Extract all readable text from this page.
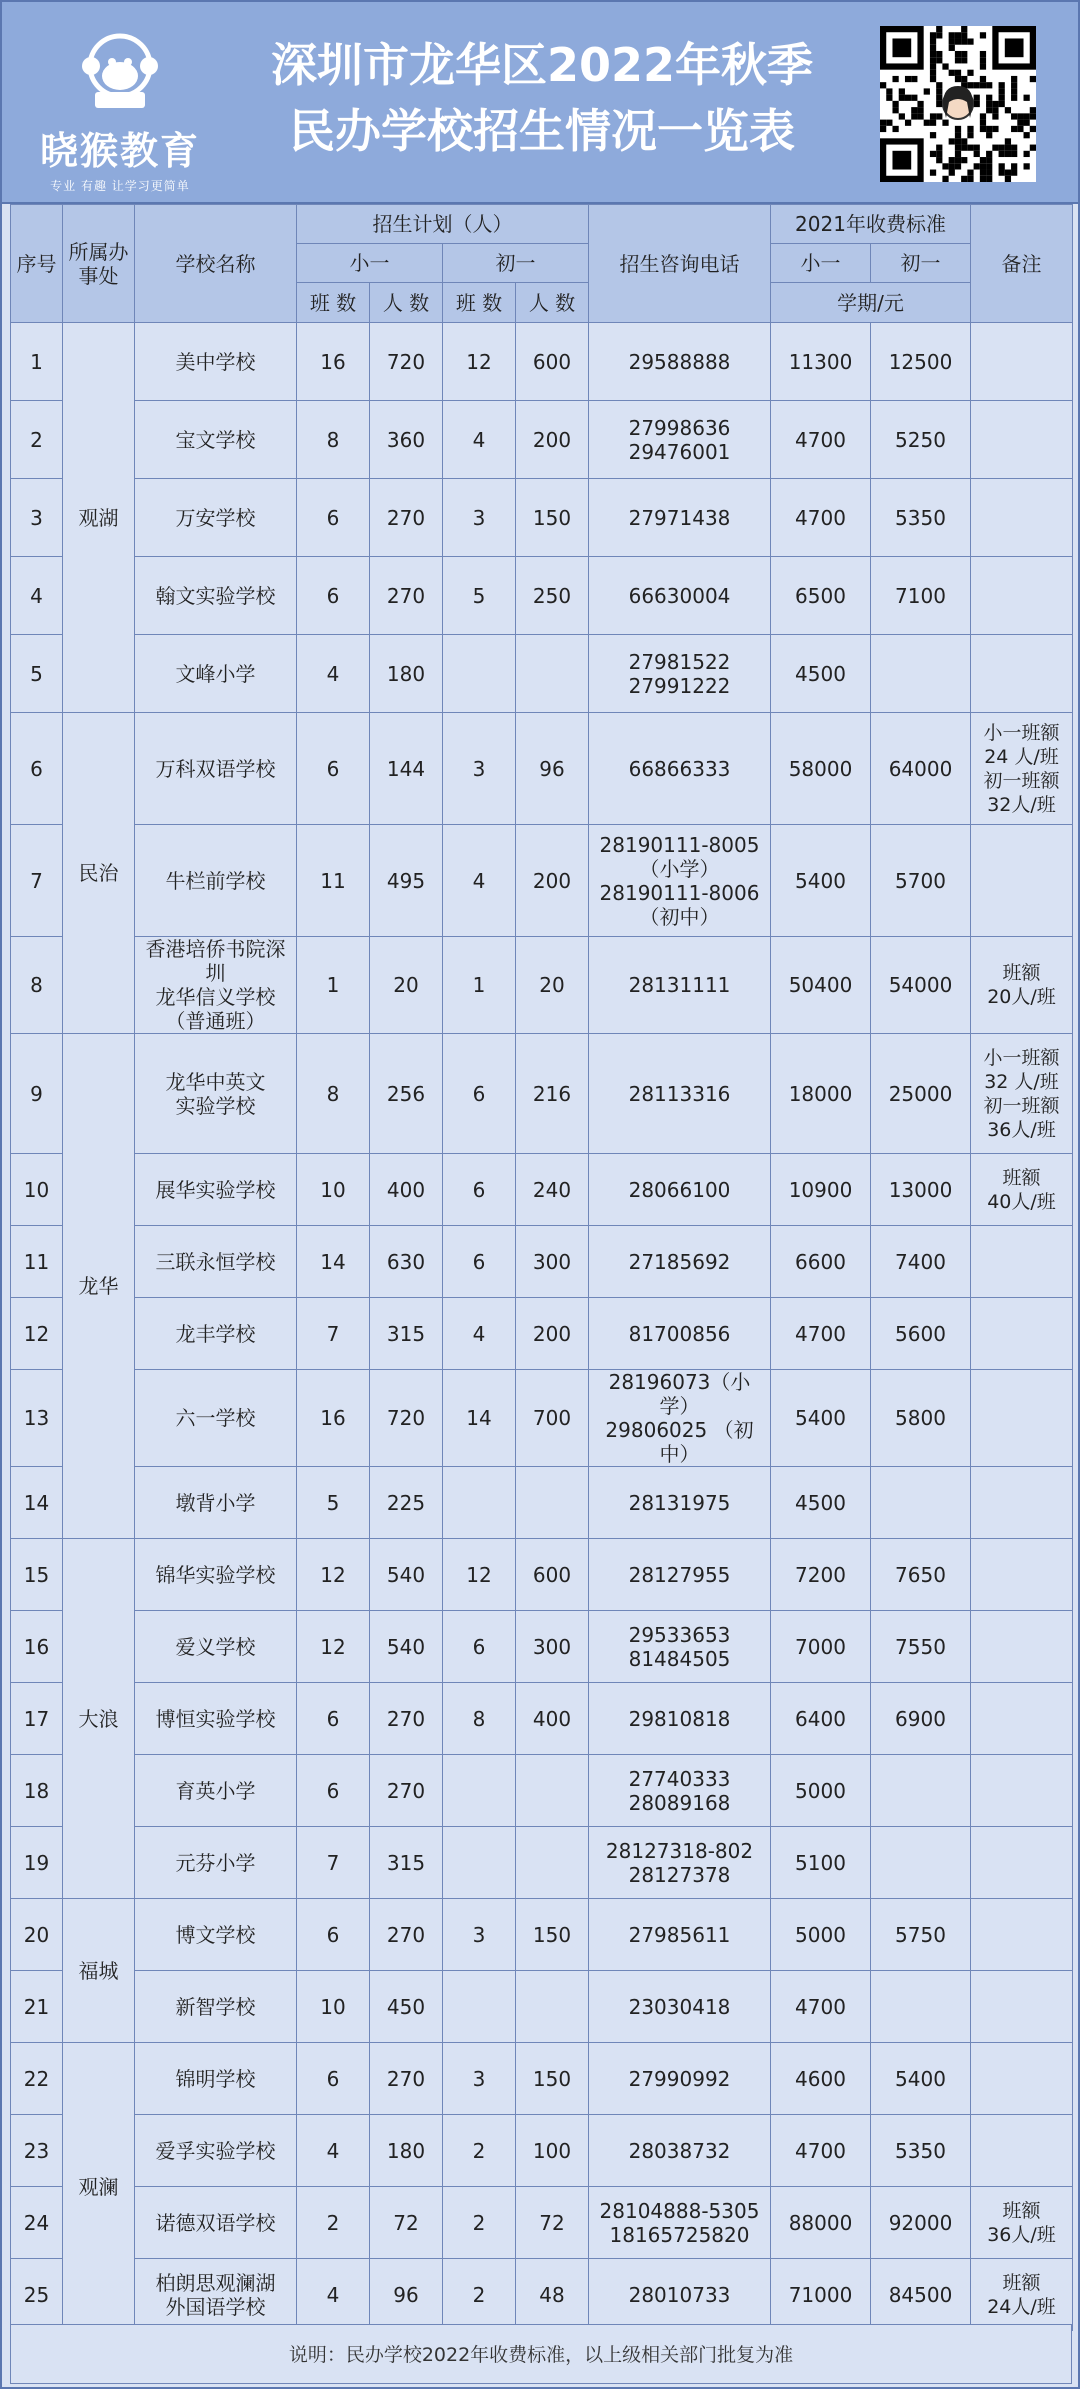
晓猴教育
专业 有趣 让学习更简单
深圳市龙华区2022年秋季
民办学校招生情况一览表
序号	所属办事处	学校名称	招生计划（人）				招生咨询电话	2021年收费标准		备注
			小一		初一			小一	初一	
			班 数	人 数	班 数	人 数		学期/元		
1	观湖	美中学校	16	720	12	600	29588888	11300	12500	
2		宝文学校	8	360	4	200	27998636
29476001	4700	5250	
3		万安学校	6	270	3	150	27971438	4700	5350	
4		翰文实验学校	6	270	5	250	66630004	6500	7100	
5		文峰小学	4	180			27981522
27991222	4500		
6	民治	万科双语学校	6	144	3	96	66866333	58000	64000	小一班额
24 人/班
初一班额
32人/班
7		牛栏前学校	11	495	4	200	28190111-8005
（小学）
28190111-8006
（初中）	5400	5700	
8		香港培侨书院深圳
龙华信义学校
（普通班）	1	20	1	20	28131111	50400	54000	班额
20人/班
9	龙华	龙华中英文
实验学校	8	256	6	216	28113316	18000	25000	小一班额
32 人/班
初一班额
36人/班
10		展华实验学校	10	400	6	240	28066100	10900	13000	班额
40人/班
11		三联永恒学校	14	630	6	300	27185692	6600	7400	
12		龙丰学校	7	315	4	200	81700856	4700	5600	
13		六一学校	16	720	14	700	28196073（小学）
29806025 （初中）	5400	5800	
14		墩背小学	5	225			28131975	4500		
15	大浪	锦华实验学校	12	540	12	600	28127955	7200	7650	
16		爱义学校	12	540	6	300	29533653
81484505	7000	7550	
17		博恒实验学校	6	270	8	400	29810818	6400	6900	
18		育英小学	6	270			27740333
28089168	5000		
19		元芬小学	7	315			28127318-802
28127378	5100		
20	福城	博文学校	6	270	3	150	27985611	5000	5750	
21		新智学校	10	450			23030418	4700		
22	观澜	锦明学校	6	270	3	150	27990992	4600	5400	
23		爱孚实验学校	4	180	2	100	28038732	4700	5350	
24		诺德双语学校	2	72	2	72	28104888-5305
18165725820	88000	92000	班额
36人/班
25		柏朗思观澜湖
外国语学校	4	96	2	48	28010733	71000	84500	班额
24人/班
说明：民办学校2022年收费标准，以上级相关部门批复为准
